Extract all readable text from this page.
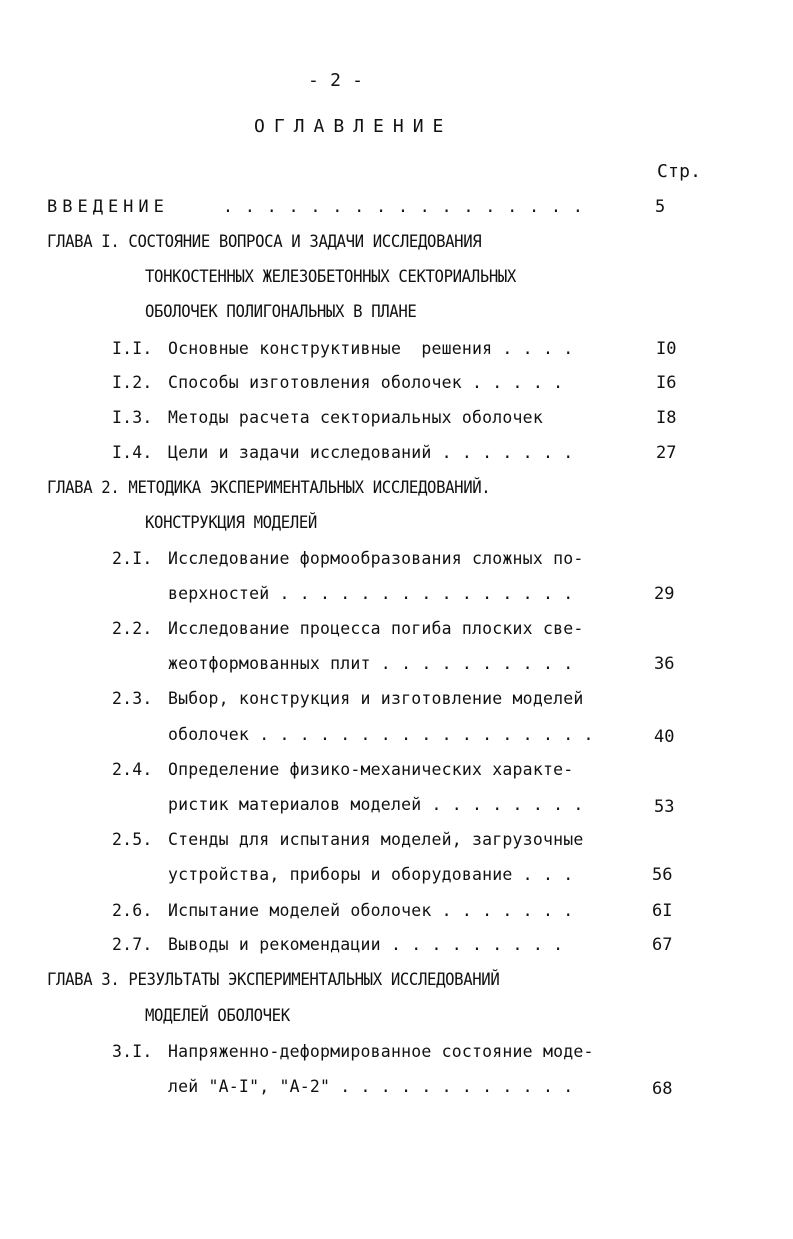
- 2 -
ОГЛАВЛЕНИЕ
Стр.
ВВЕДЕНИЕ	. . . . . . . . . . . . . . . . .	5
ГЛАВА I. СОСТОЯНИЕ ВОПРОСА И ЗАДАЧИ ИССЛЕДОВАНИЯ
ТОНКОСТЕННЫХ ЖЕЛЕЗОБЕТОННЫХ СЕКТОРИАЛЬНЫХ
ОБОЛОЧЕК ПОЛИГОНАЛЬНЫХ В ПЛАНЕ
I.I. Основные конструктивные  решения . . . .	I0
I.2. Способы изготовления оболочек . . . . .	I6
I.3. Методы расчета секториальных оболочек	I8
I.4. Цели и задачи исследований . . . . . . .	27
ГЛАВА 2. МЕТОДИКА ЭКСПЕРИМЕНТАЛЬНЫХ ИССЛЕДОВАНИЙ.
КОНСТРУКЦИЯ МОДЕЛЕЙ
2.I. Исследование формообразования сложных по-
верхностей . . . . . . . . . . . . . . .	29
2.2. Исследование процесса погиба плоских све-
жеотформованных плит . . . . . . . . . .	36
2.3. Выбор, конструкция и изготовление моделей
оболочек . . . . . . . . . . . . . . . . .	40
2.4. Определение физико-механических характе-
ристик материалов моделей . . . . . . . .	53
2.5. Стенды для испытания моделей, загрузочные
устройства, приборы и оборудование . . .	56
2.6. Испытание моделей оболочек . . . . . . .	6I
2.7. Выводы и рекомендации . . . . . . . . .	67
ГЛАВА 3. РЕЗУЛЬТАТЫ ЭКСПЕРИМЕНТАЛЬНЫХ ИССЛЕДОВАНИЙ
МОДЕЛЕЙ ОБОЛОЧЕК
3.I. Напряженно-деформированное состояние моде-
лей "А-I", "А-2" . . . . . . . . . . . .	68
